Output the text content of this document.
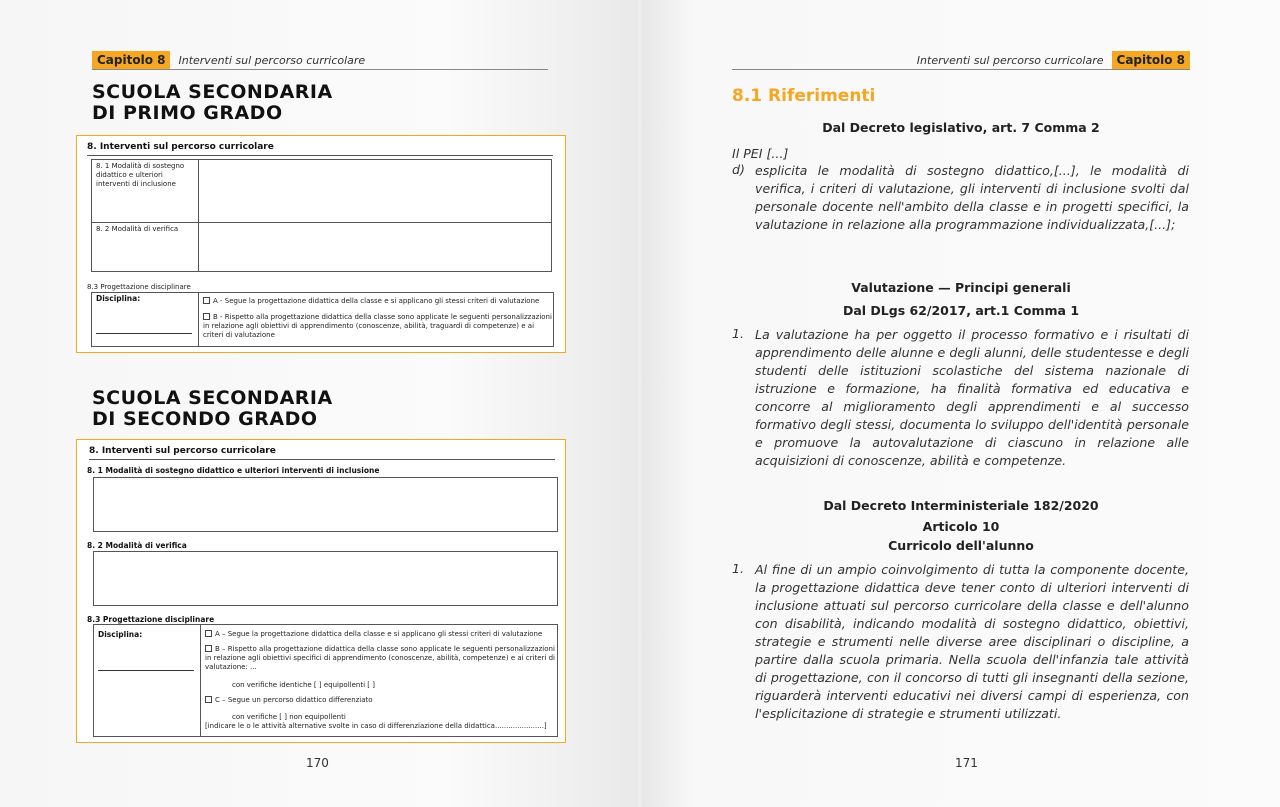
Capitolo 8	Interventi sul percorso curricolare
SCUOLA SECONDARIA
DI PRIMO GRADO
8. Interventi sul percorso curricolare
8. 1 Modalità di sostegno didattico e ulteriori interventi di inclusione
8. 2 Modalità di verifica
8.3 Progettazione disciplinare
Disciplina:	A - Segue la progettazione didattica della classe e si applicano gli stessi criteri di valutazione
B - Rispetto alla progettazione didattica della classe sono applicate le seguenti personalizzazioni in relazione agli obiettivi di apprendimento (conoscenze, abilità, traguardi di competenze) e ai criteri di valutazione
SCUOLA SECONDARIA
DI SECONDO GRADO
8. Interventi sul percorso curricolare
8. 1 Modalità di sostegno didattico e ulteriori interventi di inclusione
8. 2 Modalità di verifica
8.3 Progettazione disciplinare
Disciplina:	A – Segue la progettazione didattica della classe e si applicano gli stessi criteri di valutazione
B – Rispetto alla progettazione didattica della classe sono applicate le seguenti personalizzazioni in relazione agli obiettivi specifici di apprendimento (conoscenze, abilità, competenze) e ai criteri di valutazione: ...
con verifiche identiche [ ] equipollenti [ ]
C – Segue un percorso didattico differenziato
con verifiche [ ] non equipollenti
[indicare le o le attività alternative svolte in caso di differenziazione della didattica......................]
170
Interventi sul percorso curricolare	Capitolo 8
171
8.1 Riferimenti
Dal Decreto legislativo, art. 7 Comma 2
Il PEI [...]
d) esplicita le modalità di sostegno didattico,[...], le modalità di verifica, i criteri di valutazione, gli interventi di inclusione svolti dal personale docente nell'ambito della classe e in progetti specifici, la valutazione in relazione alla programmazione individualizzata,[...];
Valutazione — Principi generali
Dal DLgs 62/2017, art.1 Comma 1
1. La valutazione ha per oggetto il processo formativo e i risultati di apprendimento delle alunne e degli alunni, delle studentesse e degli studenti delle istituzioni scolastiche del sistema nazionale di istruzione e formazione, ha finalità formativa ed educativa e concorre al miglioramento degli apprendimenti e al successo formativo degli stessi, documenta lo sviluppo dell'identità personale e promuove la autovalutazione di ciascuno in relazione alle acquisizioni di conoscenze, abilità e competenze.
Dal Decreto Interministeriale 182/2020
Articolo 10
Curricolo dell'alunno
1. Al fine di un ampio coinvolgimento di tutta la componente docente, la progettazione didattica deve tener conto di ulteriori interventi di inclusione attuati sul percorso curricolare della classe e dell'alunno con disabilità, indicando modalità di sostegno didattico, obiettivi, strategie e strumenti nelle diverse aree disciplinari o discipline, a partire dalla scuola primaria. Nella scuola dell'infanzia tale attività di progettazione, con il concorso di tutti gli insegnanti della sezione, riguarderà interventi educativi nei diversi campi di esperienza, con l'esplicitazione di strategie e strumenti utilizzati.
